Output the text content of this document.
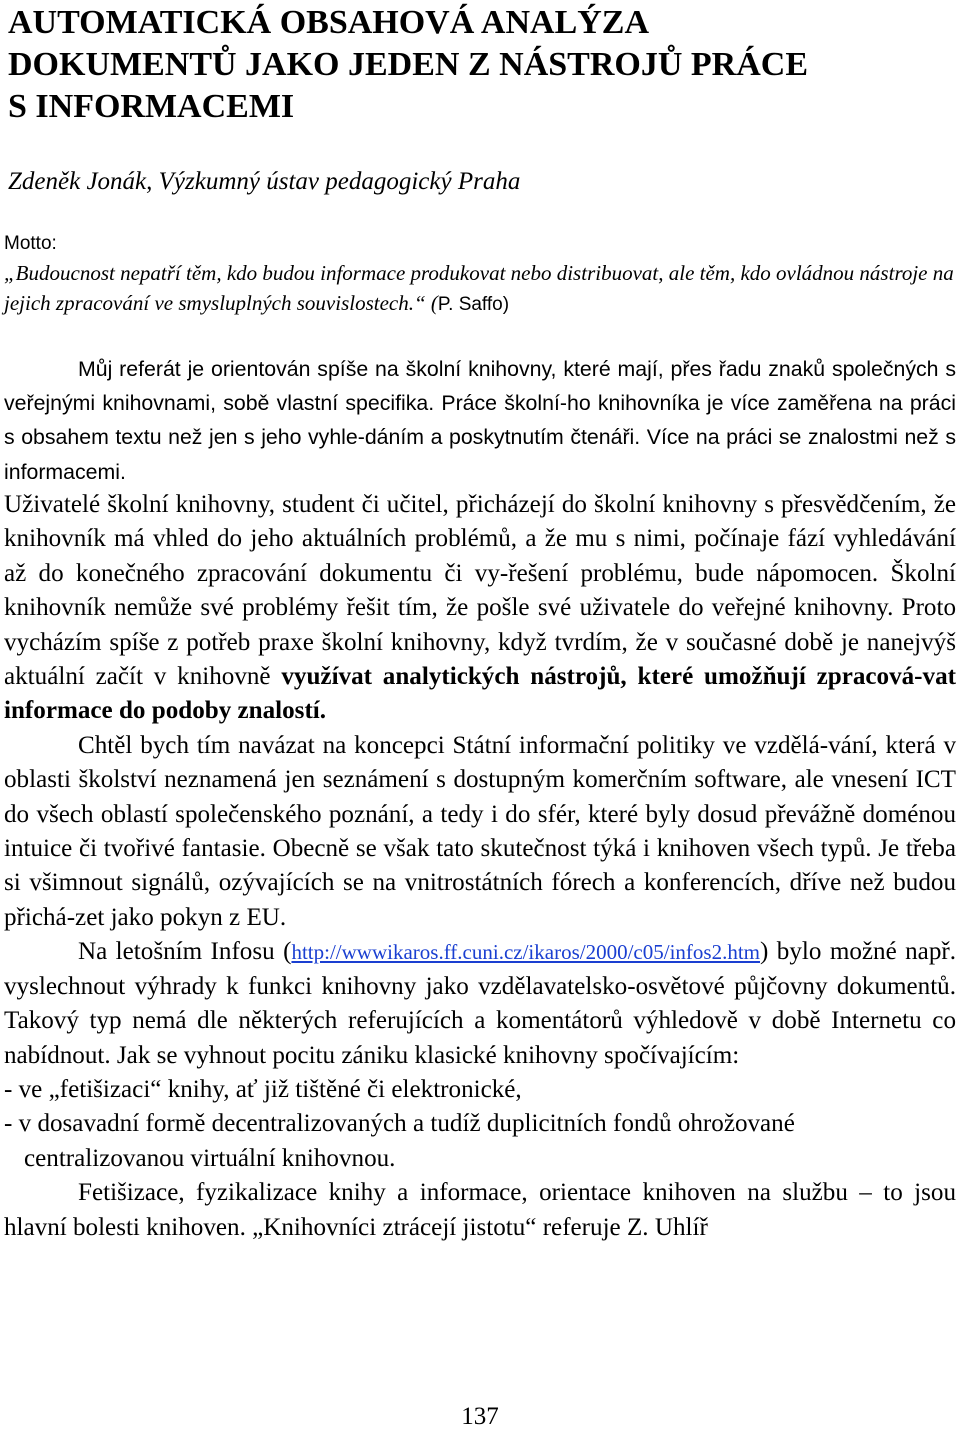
AUTOMATICKÁ OBSAHOVÁ ANALÝZA
DOKUMENTŮ JAKO JEDEN Z NÁSTROJŮ PRÁCE
S INFORMACEMI
Zdeněk Jonák, Výzkumný ústav pedagogický Praha
Motto:
„Budoucnost nepatří těm, kdo budou informace produkovat nebo distribuovat, ale těm, kdo ovládnou nástroje na jejich zpracování ve smysluplných souvislostech.“ (P. Saffo)

Můj referát je orientován spíše na školní knihovny, které mají, přes řadu znaků společných s veřejnými knihovnami, sobě vlastní specifika. Práce školní-ho knihovníka je více zaměřena na práci s obsahem textu než jen s jeho vyhle-dáním a poskytnutím čtenáři. Více na práci se znalostmi než s informacemi.

Uživatelé školní knihovny, student či učitel, přicházejí do školní knihovny s přesvědčením, že knihovník má vhled do jeho aktuálních problémů, a že mu s nimi, počínaje fází vyhledávání až do konečného zpracování dokumentu či vy-řešení problému, bude nápomocen. Školní knihovník nemůže své problémy řešit tím, že pošle své uživatele do veřejné knihovny. Proto vycházím spíše z potřeb praxe školní knihovny, když tvrdím, že v současné době je nanejvýš aktuální začít v knihovně využívat analytických nástrojů, které umožňují zpracová-vat informace do podoby znalostí.

Chtěl bych tím navázat na koncepci Státní informační politiky ve vzdělá-vání, která v oblasti školství neznamená jen seznámení s dostupným komerčním software, ale vnesení ICT do všech oblastí společenského poznání, a tedy i do sfér, které byly dosud převážně doménou intuice či tvořivé fantasie. Obecně se však tato skutečnost týká i knihoven všech typů. Je třeba si všimnout signálů, ozývajících se na vnitrostátních fórech a konferencích, dříve než budou přichá-zet jako pokyn z EU.

Na letošním Infosu (http://wwwikaros.ff.cuni.cz/ikaros/2000/c05/infos2.htm) bylo možné např. vyslechnout výhrady k funkci knihovny jako vzdělavatelsko-osvětové půjčovny dokumentů. Takový typ nemá dle některých referujících a komentátorů výhledově v době Internetu co nabídnout. Jak se vyhnout pocitu zániku klasické knihovny spočívajícím:

- ve „fetišizaci“ knihy, ať již tištěné či elektronické,

- v dosavadní formě decentralizovaných a tudíž duplicitních fondů ohrožované

centralizovanou virtuální knihovnou.

Fetišizace, fyzikalizace knihy a informace, orientace knihoven na službu – to jsou hlavní bolesti knihoven. „Knihovníci ztrácejí jistotu“ referuje Z. Uhlíř

137
